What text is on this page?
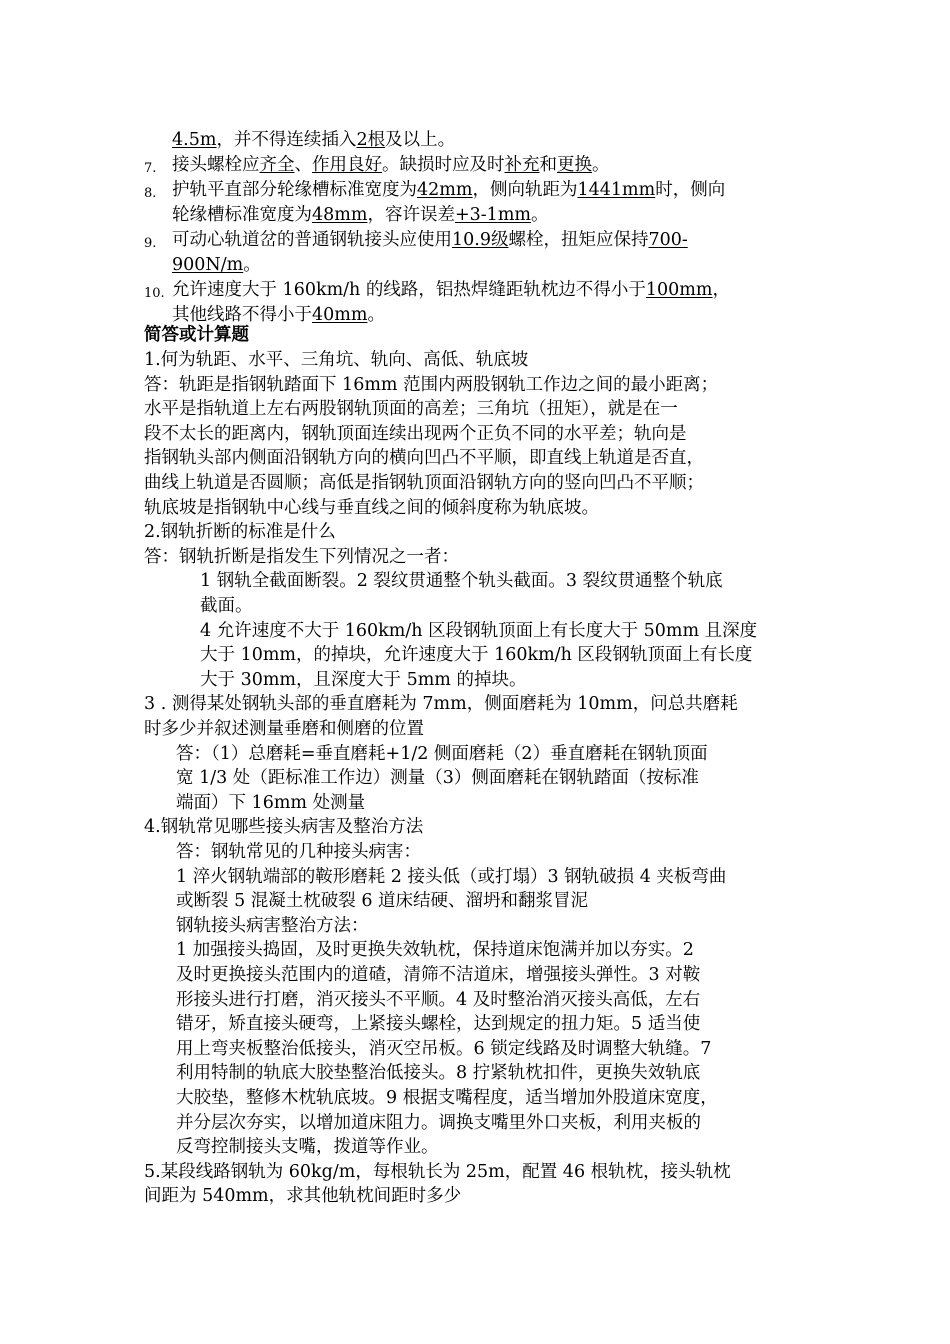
4.5m，并不得连续插入2根及以上。
7. 接头螺栓应齐全、作用良好。缺损时应及时补充和更换。
8. 护轨平直部分轮缘槽标准宽度为42mm，侧向轨距为1441mm时，侧向
轮缘槽标准宽度为48mm，容许误差+3-1mm。
9. 可动心轨道岔的普通钢轨接头应使用10.9级螺栓，扭矩应保持700-
900N/m。
10. 允许速度大于 160km/h 的线路，铝热焊缝距轨枕边不得小于100mm，
其他线路不得小于40mm。
简答或计算题
1.何为轨距、水平、三角坑、轨向、高低、轨底坡
答：轨距是指钢轨踏面下 16mm 范围内两股钢轨工作边之间的最小距离；
水平是指轨道上左右两股钢轨顶面的高差；三角坑（扭矩），就是在一
段不太长的距离内，钢轨顶面连续出现两个正负不同的水平差；轨向是
指钢轨头部内侧面沿钢轨方向的横向凹凸不平顺，即直线上轨道是否直，
曲线上轨道是否圆顺；高低是指钢轨顶面沿钢轨方向的竖向凹凸不平顺；
轨底坡是指钢轨中心线与垂直线之间的倾斜度称为轨底坡。
2.钢轨折断的标准是什么
答：钢轨折断是指发生下列情况之一者：
1 钢轨全截面断裂。2 裂纹贯通整个轨头截面。3 裂纹贯通整个轨底
截面。
4 允许速度不大于 160km/h 区段钢轨顶面上有长度大于 50mm 且深度
大于 10mm，的掉块，允许速度大于 160km/h 区段钢轨顶面上有长度
大于 30mm，且深度大于 5mm 的掉块。
3 . 测得某处钢轨头部的垂直磨耗为 7mm，侧面磨耗为 10mm，问总共磨耗
时多少并叙述测量垂磨和侧磨的位置
答：（1）总磨耗=垂直磨耗+1/2 侧面磨耗（2）垂直磨耗在钢轨顶面
宽 1/3 处（距标准工作边）测量（3）侧面磨耗在钢轨踏面（按标准
端面）下 16mm 处测量
4.钢轨常见哪些接头病害及整治方法
答：钢轨常见的几种接头病害：
1 淬火钢轨端部的鞍形磨耗 2 接头低（或打塌）3 钢轨破损 4 夹板弯曲
或断裂 5 混凝土枕破裂 6 道床结硬、溜坍和翻浆冒泥
钢轨接头病害整治方法：
1 加强接头捣固，及时更换失效轨枕，保持道床饱满并加以夯实。2
及时更换接头范围内的道碴，清筛不洁道床，增强接头弹性。3 对鞍
形接头进行打磨，消灭接头不平顺。4 及时整治消灭接头高低，左右
错牙，矫直接头硬弯，上紧接头螺栓，达到规定的扭力矩。5 适当使
用上弯夹板整治低接头，消灭空吊板。6 锁定线路及时调整大轨缝。7
利用特制的轨底大胶垫整治低接头。8 拧紧轨枕扣件，更换失效轨底
大胶垫，整修木枕轨底坡。9 根据支嘴程度，适当增加外股道床宽度，
并分层次夯实，以增加道床阻力。调换支嘴里外口夹板，利用夹板的
反弯控制接头支嘴，拨道等作业。
5.某段线路钢轨为 60kg/m，每根轨长为 25m，配置 46 根轨枕，接头轨枕
间距为 540mm，求其他轨枕间距时多少
